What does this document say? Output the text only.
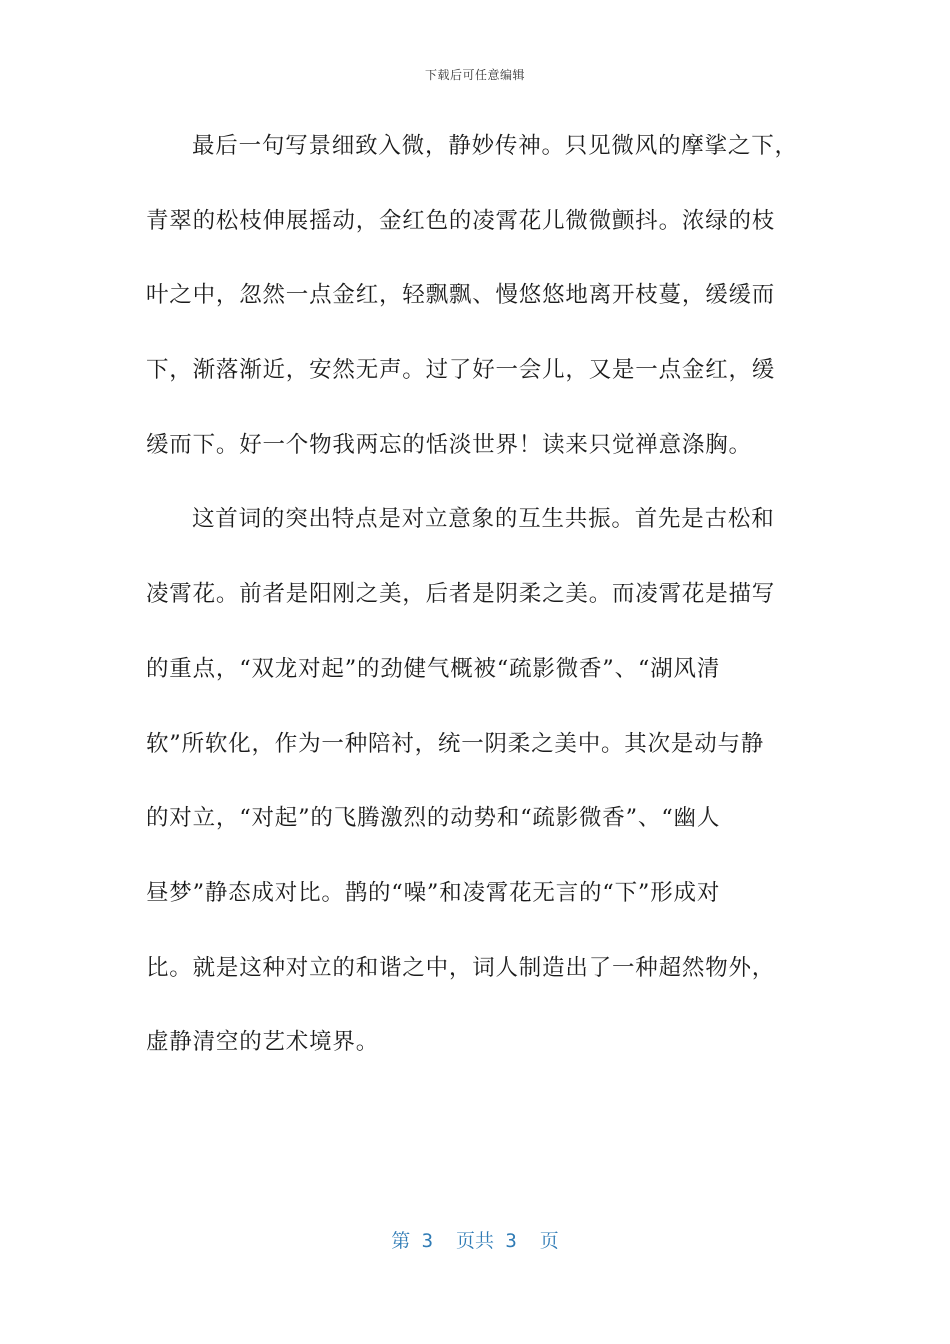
下载后可任意编辑
最后一句写景细致入微，静妙传神。只见微风的摩挲之下，
青翠的松枝伸展摇动，金红色的凌霄花儿微微颤抖。浓绿的枝
叶之中，忽然一点金红，轻飘飘、慢悠悠地离开枝蔓，缓缓而
下，渐落渐近，安然无声。过了好一会儿，又是一点金红，缓
缓而下。好一个物我两忘的恬淡世界！读来只觉禅意涤胸。
这首词的突出特点是对立意象的互生共振。首先是古松和
凌霄花。前者是阳刚之美，后者是阴柔之美。而凌霄花是描写
的重点，“双龙对起”的劲健气概被“疏影微香”、“湖风清
软”所软化，作为一种陪衬，统一阴柔之美中。其次是动与静
的对立，“对起”的飞腾激烈的动势和“疏影微香”、“幽人
昼梦”静态成对比。鹊的“噪”和凌霄花无言的“下”形成对
比。就是这种对立的和谐之中，词人制造出了一种超然物外，
虚静清空的艺术境界。
第 3  页共 3  页
